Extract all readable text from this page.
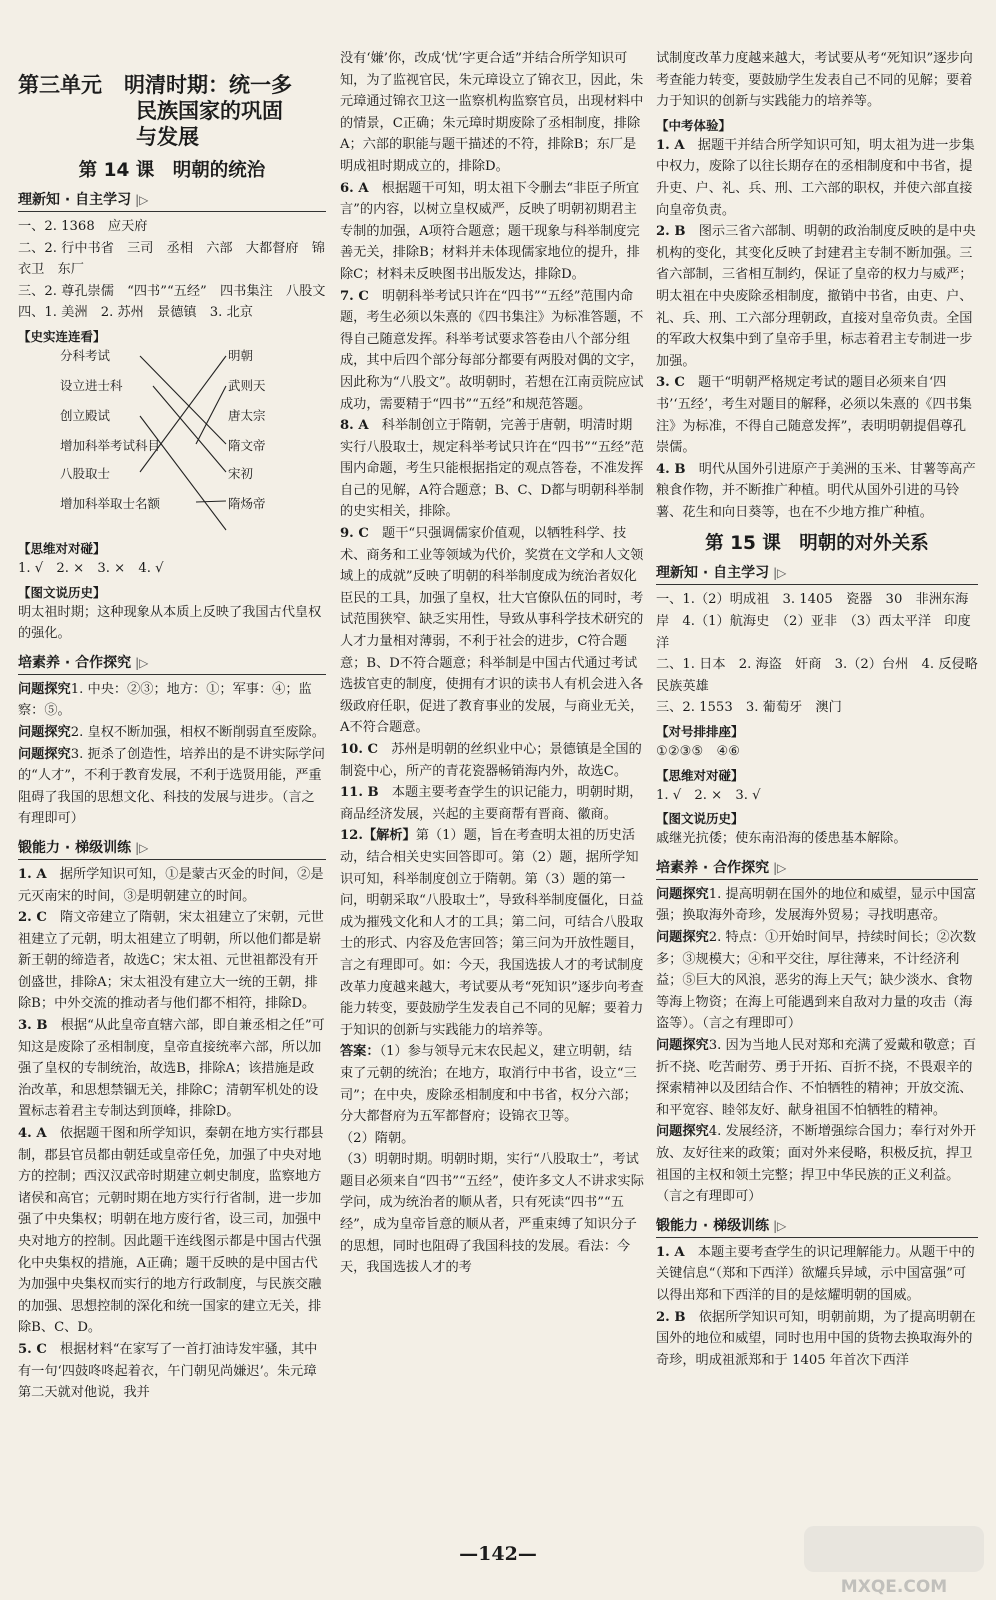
第三单元 明清时期：统一多
民族国家的巩固
与发展
第 14 课　明朝的统治
理新知 · 自主学习 |▷

一、2. 1368　应天府

二、2. 行中书省　三司　丞相　六部　大都督府　锦衣卫　东厂

三、2. 尊孔崇儒　“四书”“五经”　四书集注　八股文

四、1. 美洲　2. 苏州　景德镇　3. 北京

【史实连连看】
分科考试
设立进士科
创立殿试
增加科举考试科目
八股取士
增加科举取士名额
明朝
武则天
唐太宗
隋文帝
宋初
隋炀帝
【思维对对碰】

1. √　2. ×　3. ×　4. √

【图文说历史】

明太祖时期；这种现象从本质上反映了我国古代皇权的强化。

培素养 · 合作探究 |▷

问题探究1. 中央：②③；地方：①；军事：④；监察：⑤。

问题探究2. 皇权不断加强，相权不断削弱直至废除。

问题探究3. 扼杀了创造性，培养出的是不讲实际学问的“人才”，不利于教育发展，不利于选贤用能，严重阻碍了我国的思想文化、科技的发展与进步。（言之有理即可）

锻能力 · 梯级训练 |▷

1. A　 据所学知识可知，①是蒙古灭金的时间，②是元灭南宋的时间，③是明朝建立的时间。

2. C　 隋文帝建立了隋朝，宋太祖建立了宋朝，元世祖建立了元朝，明太祖建立了明朝，所以他们都是崭新王朝的缔造者，故选C；宋太祖、元世祖都没有开创盛世，排除A；宋太祖没有建立大一统的王朝，排除B；中外交流的推动者与他们都不相符，排除D。

3. B　 根据“从此皇帝直辖六部，即自兼丞相之任”可知这是废除了丞相制度，皇帝直接统率六部，所以加强了皇权的专制统治，故选B，排除A；该措施是政治改革，和思想禁锢无关，排除C；清朝军机处的设置标志着君主专制达到顶峰，排除D。

4. A　 依据题干图和所学知识，秦朝在地方实行郡县制，郡县官员都由朝廷或皇帝任免，加强了中央对地方的控制；西汉汉武帝时期建立刺史制度，监察地方诸侯和高官；元朝时期在地方实行行省制，进一步加强了中央集权；明朝在地方废行省，设三司，加强中央对地方的控制。因此题干连线图示都是中国古代强化中央集权的措施，A正确；题干反映的是中国古代为加强中央集权而实行的地方行政制度，与民族交融的加强、思想控制的深化和统一国家的建立无关，排除B、C、D。

5. C　 根据材料“在家写了一首打油诗发牢骚，其中有一句‘四鼓咚咚起着衣，午门朝见尚嫌迟’。朱元璋第二天就对他说，我并

没有‘嫌’你，改成‘忧’字更合适”并结合所学知识可知，为了监视官民，朱元璋设立了锦衣卫，因此，朱元璋通过锦衣卫这一监察机构监察官员，出现材料中的情景，C正确；朱元璋时期废除了丞相制度，排除A；六部的职能与题干描述的不符，排除B；东厂是明成祖时期成立的，排除D。

6. A　 根据题干可知，明太祖下令删去“非臣子所宜言”的内容，以树立皇权威严，反映了明朝初期君主专制的加强，A项符合题意；题干现象与科举制度完善无关，排除B；材料并未体现儒家地位的提升，排除C；材料未反映图书出版发达，排除D。

7. C　 明朝科举考试只许在“四书”“五经”范围内命题，考生必须以朱熹的《四书集注》为标准答题，不得自己随意发挥。科举考试要求答卷由八个部分组成，其中后四个部分每部分都要有两股对偶的文字，因此称为“八股文”。故明朝时，若想在江南贡院应试成功，需要精于“四书”“五经”和规范答题。

8. A　 科举制创立于隋朝，完善于唐朝，明清时期实行八股取士，规定科举考试只许在“四书”“五经”范围内命题，考生只能根据指定的观点答卷，不准发挥自己的见解，A符合题意；B、C、D都与明朝科举制的史实相关，排除。

9. C　 题干“只强调儒家价值观，以牺牲科学、技术、商务和工业等领域为代价，奖赏在文学和人文领域上的成就”反映了明朝的科举制度成为统治者奴化臣民的工具，加强了皇权，壮大官僚队伍的同时，考试范围狭窄、缺乏实用性，导致从事科学技术研究的人才力量相对薄弱，不利于社会的进步，C符合题意；B、D不符合题意；科举制是中国古代通过考试选拔官吏的制度，使拥有才识的读书人有机会进入各级政府任职，促进了教育事业的发展，与商业无关，A不符合题意。

10. C　 苏州是明朝的丝织业中心；景德镇是全国的制瓷中心，所产的青花瓷器畅销海内外，故选C。

11. B　 本题主要考查学生的识记能力，明朝时期，商品经济发展，兴起的主要商帮有晋商、徽商。

12.【解析】第（1）题，旨在考查明太祖的历史活动，结合相关史实回答即可。第（2）题，据所学知识可知，科举制度创立于隋朝。第（3）题的第一问，明朝采取“八股取士”，导致科举制度僵化，日益成为摧残文化和人才的工具；第二问，可结合八股取士的形式、内容及危害回答；第三问为开放性题目，言之有理即可。如：今天，我国选拔人才的考试制度改革力度越来越大，考试要从考“死知识”逐步向考查能力转变，要鼓励学生发表自己不同的见解；要着力于知识的创新与实践能力的培养等。

答案：（1）参与领导元末农民起义，建立明朝，结束了元朝的统治；在地方，取消行中书省，设立“三司”；在中央，废除丞相制度和中书省，权分六部；分大都督府为五军都督府；设锦衣卫等。

（2）隋朝。

（3）明朝时期。明朝时期，实行“八股取士”，考试题目必须来自“四书”“五经”，使许多文人不讲求实际学问，成为统治者的顺从者，只有死读“四书”“五经”，成为皇帝旨意的顺从者，严重束缚了知识分子的思想，同时也阻碍了我国科技的发展。看法：今天，我国选拔人才的考

试制度改革力度越来越大，考试要从考“死知识”逐步向考查能力转变，要鼓励学生发表自己不同的见解；要着力于知识的创新与实践能力的培养等。

【中考体验】

1. A　 据题干并结合所学知识可知，明太祖为进一步集中权力，废除了以往长期存在的丞相制度和中书省，提升吏、户、礼、兵、刑、工六部的职权，并使六部直接向皇帝负责。

2. B　 图示三省六部制、明朝的政治制度反映的是中央机构的变化，其变化反映了封建君主专制不断加强。三省六部制，三省相互制约，保证了皇帝的权力与威严；明太祖在中央废除丞相制度，撤销中书省，由吏、户、礼、兵、刑、工六部分理朝政，直接对皇帝负责。全国的军政大权集中到了皇帝手里，标志着君主专制进一步加强。

3. C　 题干“明朝严格规定考试的题目必须来自‘四书’‘五经’，考生对题目的解释，必须以朱熹的《四书集注》为标准，不得自己随意发挥”，表明明朝提倡尊孔崇儒。

4. B　 明代从国外引进原产于美洲的玉米、甘薯等高产粮食作物，并不断推广种植。明代从国外引进的马铃薯、花生和向日葵等，也在不少地方推广种植。

第 15 课　明朝的对外关系
理新知 · 自主学习 |▷

一、1.（2）明成祖　3. 1405　瓷器　30　非洲东海岸　4.（1）航海史　（2）亚非　（3）西太平洋　印度洋

二、1. 日本　2. 海盗　奸商　3.（2）台州　4. 反侵略　民族英雄

三、2. 1553　3. 葡萄牙　澳门

【对号排排座】

①②③⑤　④⑥

【思维对对碰】

1. √　2. ×　3. √

【图文说历史】

戚继光抗倭；使东南沿海的倭患基本解除。

培素养 · 合作探究 |▷

问题探究1. 提高明朝在国外的地位和威望，显示中国富强；换取海外奇珍，发展海外贸易；寻找明惠帝。

问题探究2. 特点：①开始时间早，持续时间长；②次数多；③规模大；④和平交往，厚往薄来，不计经济利益；⑤巨大的风浪，恶劣的海上天气；缺少淡水、食物等海上物资；在海上可能遇到来自敌对力量的攻击（海盗等）。（言之有理即可）

问题探究3. 因为当地人民对郑和充满了爱戴和敬意；百折不挠、吃苦耐劳、勇于开拓、百折不挠，不畏艰辛的探索精神以及团结合作、不怕牺牲的精神；开放交流、和平宽容、睦邻友好、献身祖国不怕牺牲的精神。

问题探究4. 发展经济，不断增强综合国力；奉行对外开放、友好往来的政策；面对外来侵略，积极反抗，捍卫祖国的主权和领土完整；捍卫中华民族的正义利益。（言之有理即可）

锻能力 · 梯级训练 |▷

1. A　 本题主要考查学生的识记理解能力。从题干中的关键信息“（郑和下西洋）欲耀兵异域，示中国富强”可以得出郑和下西洋的目的是炫耀明朝的国威。

2. B　 依据所学知识可知，明朝前期，为了提高明朝在国外的地位和威望，同时也用中国的货物去换取海外的奇珍，明成祖派郑和于 1405 年首次下西洋

—142—
MXQE.COM
